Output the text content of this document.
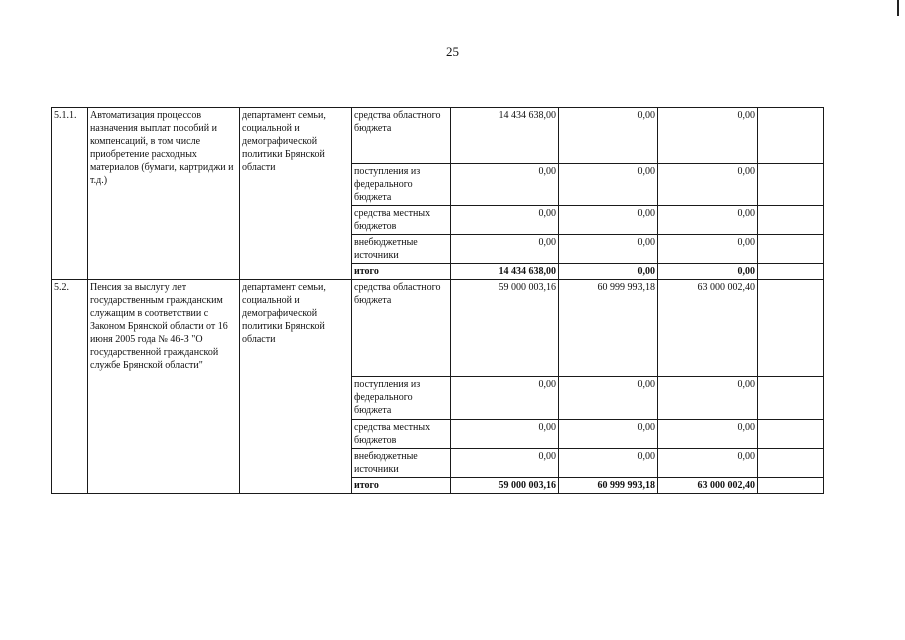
25
5.1.1.	Автоматизация процессов назначения выплат пособий и компенсаций, в том числе приобретение расходных материалов (бумаги, картриджи и т.д.)	департамент семьи, социальной и демографической политики Брянской области	средства областного бюджета	14 434 638,00	0,00	0,00	
			поступления из федерального бюджета	0,00	0,00	0,00	
			средства местных бюджетов	0,00	0,00	0,00	
			внебюджетные источники	0,00	0,00	0,00	
			итого	14 434 638,00	0,00	0,00	
5.2.	Пенсия за выслугу лет государственным гражданским служащим в соответствии с Законом Брянской области от 16 июня 2005 года № 46-З "О государственной гражданской службе Брянской области"	департамент семьи, социальной и демографической политики Брянской области	средства областного бюджета	59 000 003,16	60 999 993,18	63 000 002,40	
			поступления из федерального бюджета	0,00	0,00	0,00	
			средства местных бюджетов	0,00	0,00	0,00	
			внебюджетные источники	0,00	0,00	0,00	
			итого	59 000 003,16	60 999 993,18	63 000 002,40	
